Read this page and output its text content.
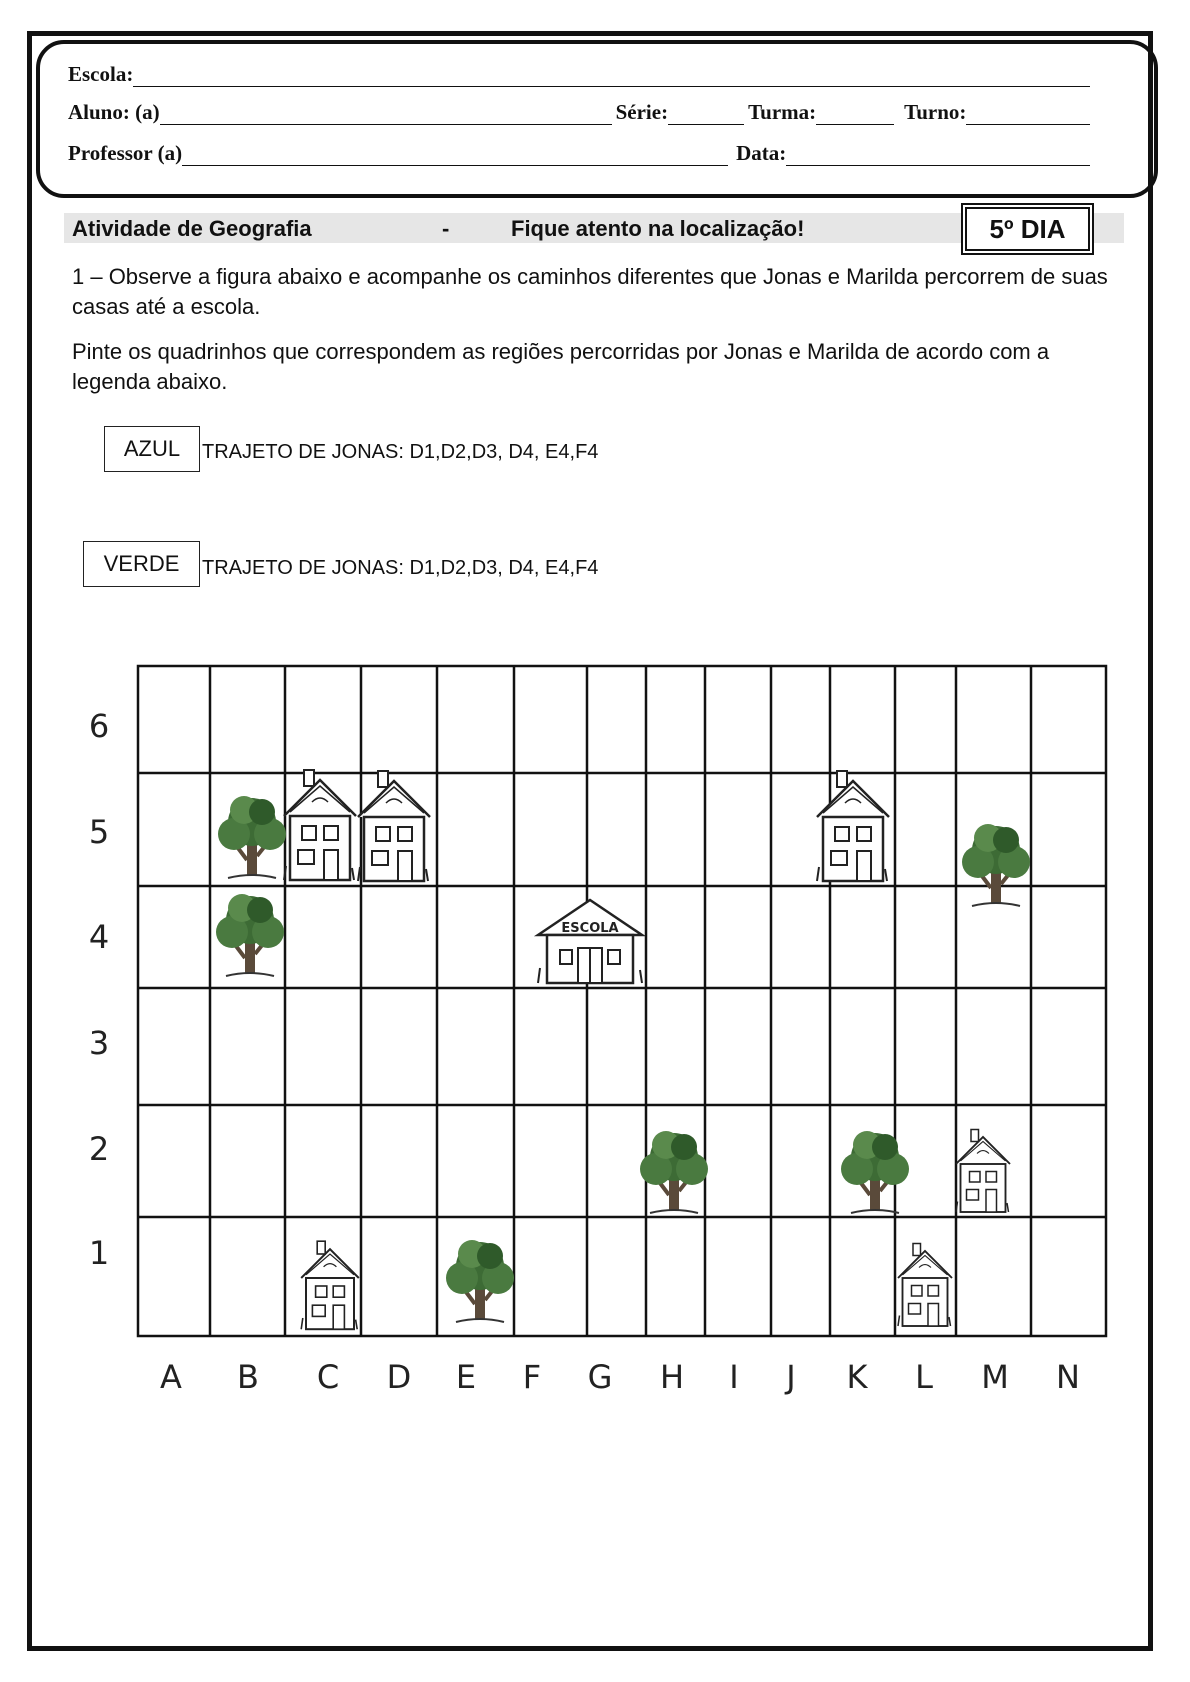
Escola:
Aluno: (a)	Série:	Turma:	Turno:
Professor (a)	Data:
Atividade de Geografia	-	Fique atento na localização!	5º DIA
1 – Observe a figura abaixo e acompanhe os caminhos diferentes que Jonas e Marilda percorrem de suas casas até a escola.
Pinte os quadrinhos que correspondem as regiões percorridas por Jonas e Marilda de acordo com a legenda abaixo.
AZUL	TRAJETO DE JONAS: D1,D2,D3, D4, E4,F4
VERDE	TRAJETO DE JONAS: D1,D2,D3, D4, E4,F4
6
5
4
3
2
1
A B C D E F G H I J K L M N
ESCOLA
